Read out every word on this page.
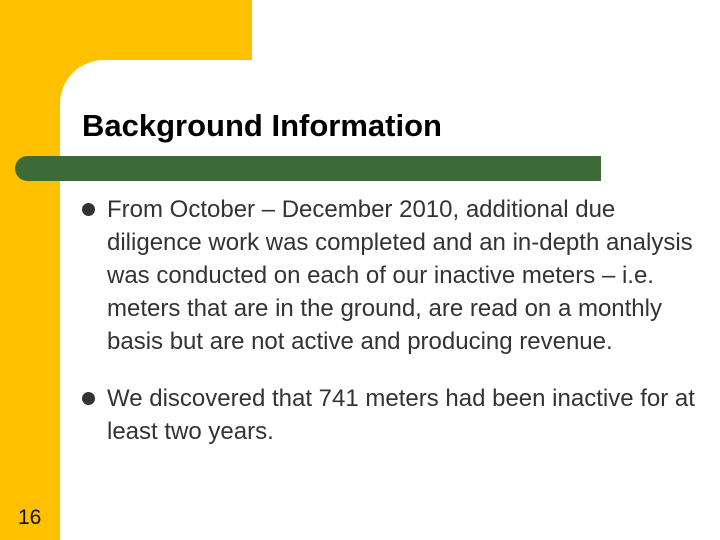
Background Information
From October – December 2010, additional due diligence work was completed and an in-depth analysis was conducted on each of our inactive meters – i.e. meters that are in the ground, are read on a monthly basis but are not active and producing revenue.
We discovered that 741 meters had been inactive for at least two years.
16
